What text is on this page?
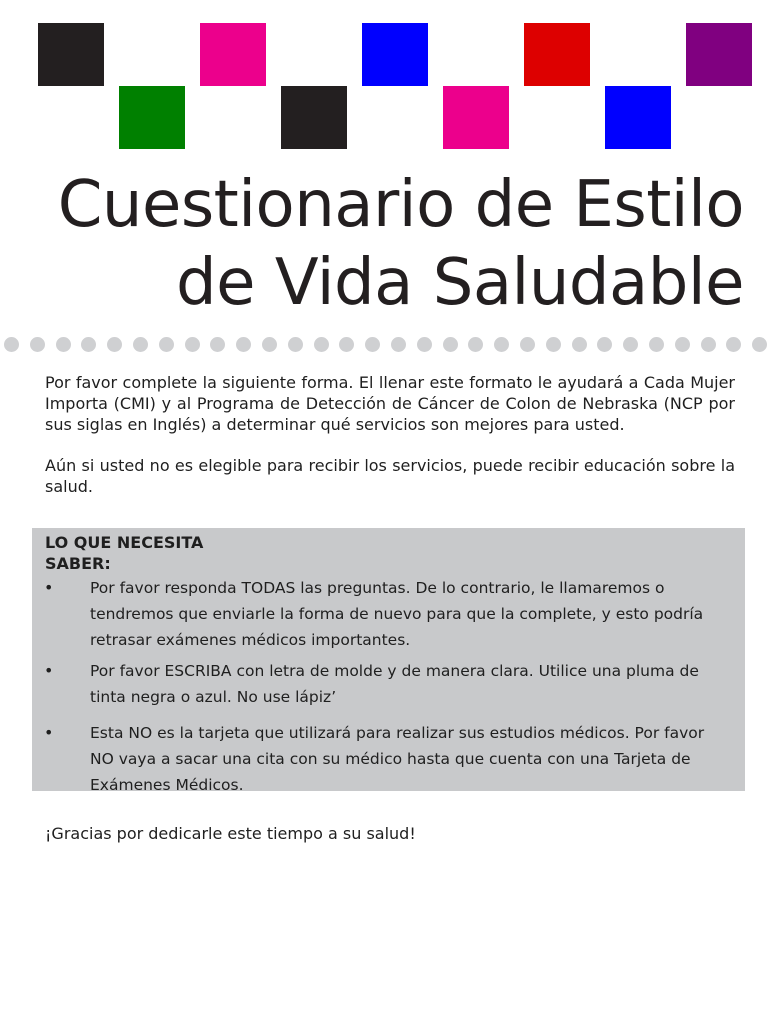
Cuestionario de Estilo
de Vida Saludable
Por favor complete la siguiente forma. El llenar este formato le ayudará a Cada Mujer Importa (CMI) y al Programa de Detección de Cáncer de Colon de Nebraska (NCP por sus siglas en Inglés) a determinar qué servicios son mejores para usted.
Aún si usted no es elegible para recibir los servicios, puede recibir educación sobre la salud.
LO QUE NECESITA SABER:
• Por favor responda TODAS las preguntas. De lo contrario, le llamaremos o tendremos que enviarle la forma de nuevo para que la complete, y esto podría retrasar exámenes médicos importantes.
• Por favor ESCRIBA con letra de molde y de manera clara. Utilice una pluma de tinta negra o azul. No use lápiz’
• Esta NO es la tarjeta que utilizará para realizar sus estudios médicos. Por favor NO vaya a sacar una cita con su médico hasta que cuenta con una Tarjeta de Exámenes Médicos.
¡Gracias por dedicarle este tiempo a su salud!
